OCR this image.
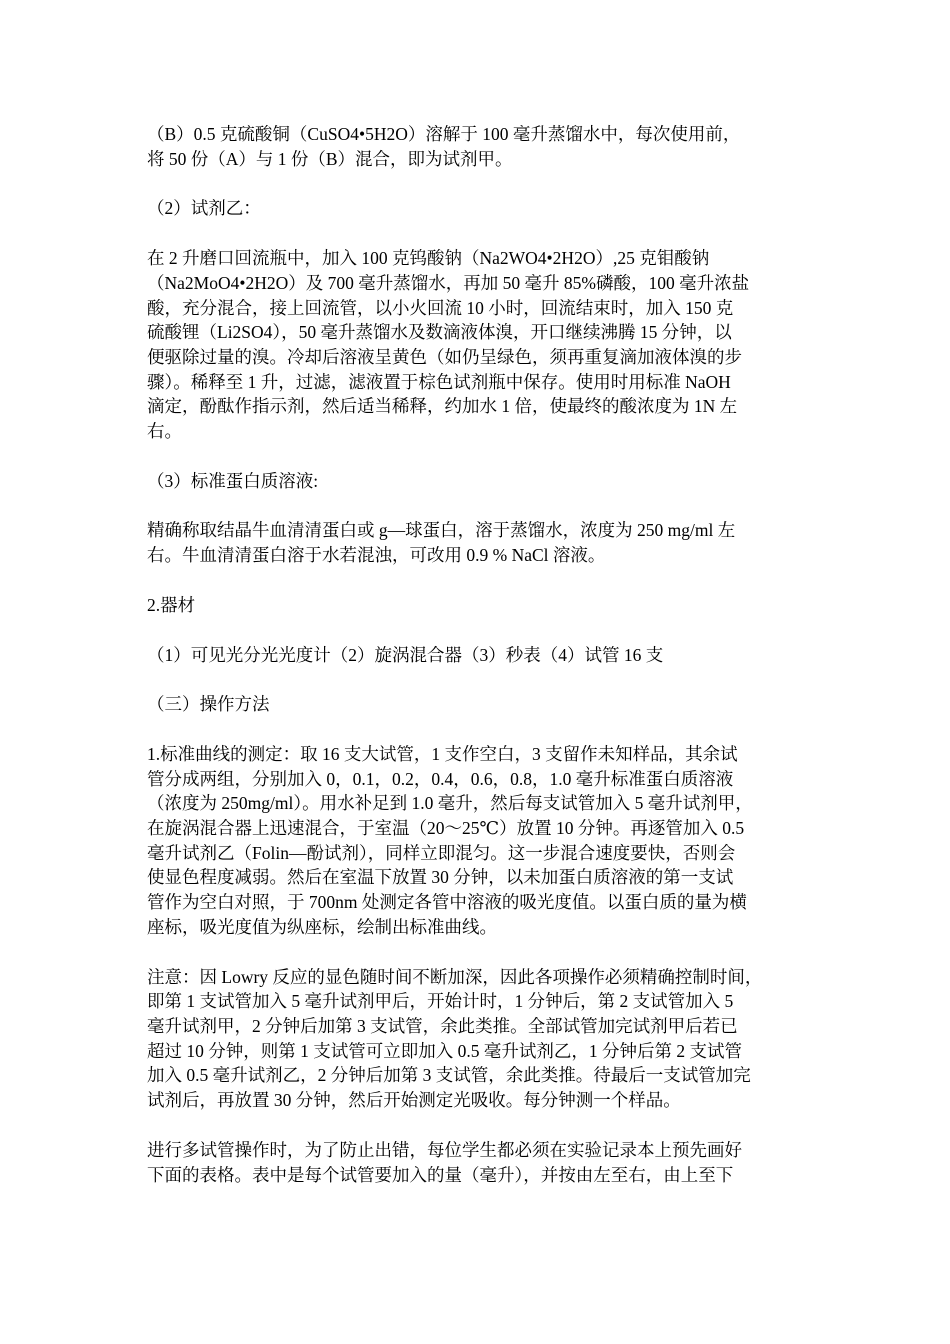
（B）0.5 克硫酸铜（CuSO4•5H2O）溶解于 100 毫升蒸馏水中，每次使用前，
将 50 份（A）与 1 份（B）混合，即为试剂甲。

（2）试剂乙：

在 2 升磨口回流瓶中，加入 100 克钨酸钠（Na2WO4•2H2O）,25 克钼酸钠
（Na2MoO4•2H2O）及 700 毫升蒸馏水，再加 50 毫升 85%磷酸，100 毫升浓盐
酸，充分混合，接上回流管，以小火回流 10 小时，回流结束时，加入 150 克
硫酸锂（Li2SO4），50 毫升蒸馏水及数滴液体溴，开口继续沸腾 15 分钟，以
便驱除过量的溴。冷却后溶液呈黄色（如仍呈绿色，须再重复滴加液体溴的步
骤）。稀释至 1 升，过滤，滤液置于棕色试剂瓶中保存。使用时用标准 NaOH
滴定，酚酞作指示剂，然后适当稀释，约加水 1 倍，使最终的酸浓度为 1N 左
右。

（3）标准蛋白质溶液:

精确称取结晶牛血清清蛋白或 g—球蛋白，溶于蒸馏水，浓度为 250 mg/ml 左
右。牛血清清蛋白溶于水若混浊，可改用 0.9 % NaCl 溶液。

2.器材

（1）可见光分光光度计（2）旋涡混合器（3）秒表（4）试管 16 支

（三）操作方法

1.标准曲线的测定：取 16 支大试管，1 支作空白，3 支留作未知样品，其余试
管分成两组，分别加入 0，0.1，0.2，0.4，0.6，0.8，1.0 毫升标准蛋白质溶液
（浓度为 250mg/ml）。用水补足到 1.0 毫升，然后每支试管加入 5 毫升试剂甲，
在旋涡混合器上迅速混合，于室温（20～25℃）放置 10 分钟。再逐管加入 0.5
毫升试剂乙（Folin—酚试剂），同样立即混匀。这一步混合速度要快，否则会
使显色程度减弱。然后在室温下放置 30 分钟，以未加蛋白质溶液的第一支试
管作为空白对照，于 700nm 处测定各管中溶液的吸光度值。以蛋白质的量为横
座标，吸光度值为纵座标，绘制出标准曲线。

注意：因 Lowry 反应的显色随时间不断加深，因此各项操作必须精确控制时间，
即第 1 支试管加入 5 毫升试剂甲后，开始计时，1 分钟后，第 2 支试管加入 5
毫升试剂甲，2 分钟后加第 3 支试管，余此类推。全部试管加完试剂甲后若已
超过 10 分钟，则第 1 支试管可立即加入 0.5 毫升试剂乙，1 分钟后第 2 支试管
加入 0.5 毫升试剂乙，2 分钟后加第 3 支试管，余此类推。待最后一支试管加完
试剂后，再放置 30 分钟，然后开始测定光吸收。每分钟测一个样品。

进行多试管操作时，为了防止出错，每位学生都必须在实验记录本上预先画好
下面的表格。表中是每个试管要加入的量（毫升），并按由左至右，由上至下
